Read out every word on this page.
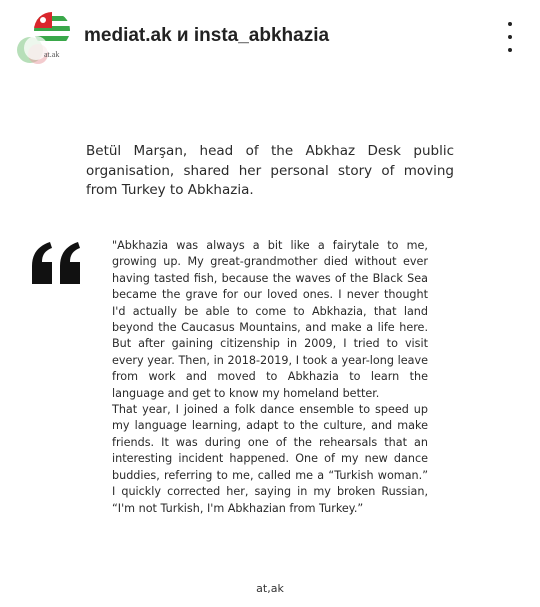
at.ak
mediat.ak и insta_abkhazia

Betül Marşan, head of the Abkhaz Desk public organisation, shared her personal story of moving from Turkey to Abkhazia.

"Abkhazia was always a bit like a fairytale to me, growing up. My great-grandmother died without ever having tasted fish, because the waves of the Black Sea became the grave for our loved ones. I never thought I'd actually be able to come to Abkhazia, that land beyond the Caucasus Mountains, and make a life here. But after gaining citizenship in 2009, I tried to visit every year. Then, in 2018-2019, I took a year-long leave from work and moved to Abkhazia to learn the language and get to know my homeland better.

That year, I joined a folk dance ensemble to speed up my language learning, adapt to the culture, and make friends. It was during one of the rehearsals that an interesting incident happened. One of my new dance buddies, referring to me, called me a “Turkish woman.” I quickly corrected her, saying in my broken Russian, “I'm not Turkish, I'm Abkhazian from Turkey.”

at,ak
